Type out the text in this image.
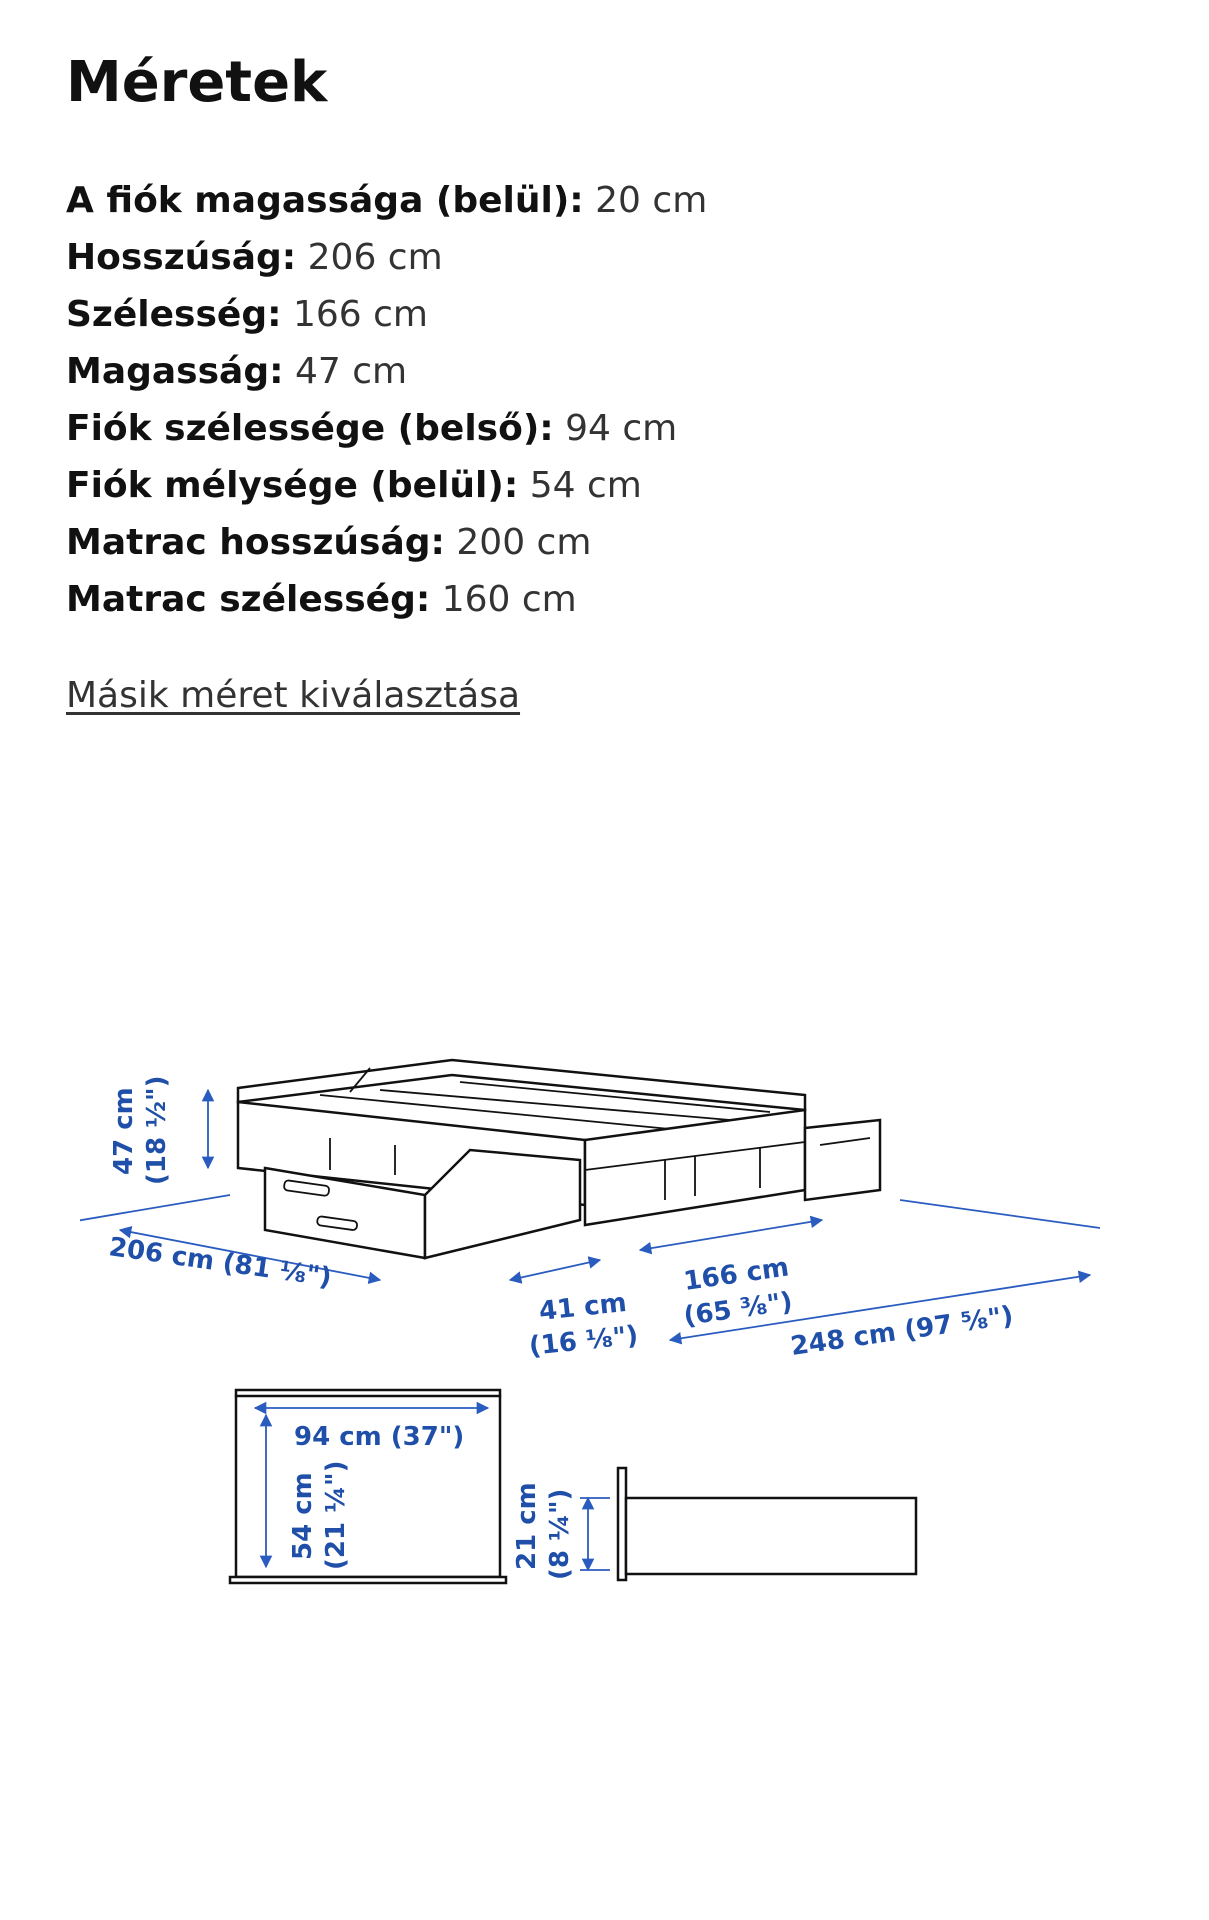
Méretek
A fiók magassága (belül): 20 cm
Hosszúság: 206 cm
Szélesség: 166 cm
Magasság: 47 cm
Fiók szélessége (belső): 94 cm
Fiók mélysége (belül): 54 cm
Matrac hosszúság: 200 cm
Matrac szélesség: 160 cm
Másik méret kiválasztása
47 cm (18 ½")
206 cm (81 ⅛")
41 cm
(16 ⅛")
166 cm
(65 ⅜")
248 cm (97 ⅝")
94 cm (37")
54 cm (21 ¼")	21 cm (8 ¼")
